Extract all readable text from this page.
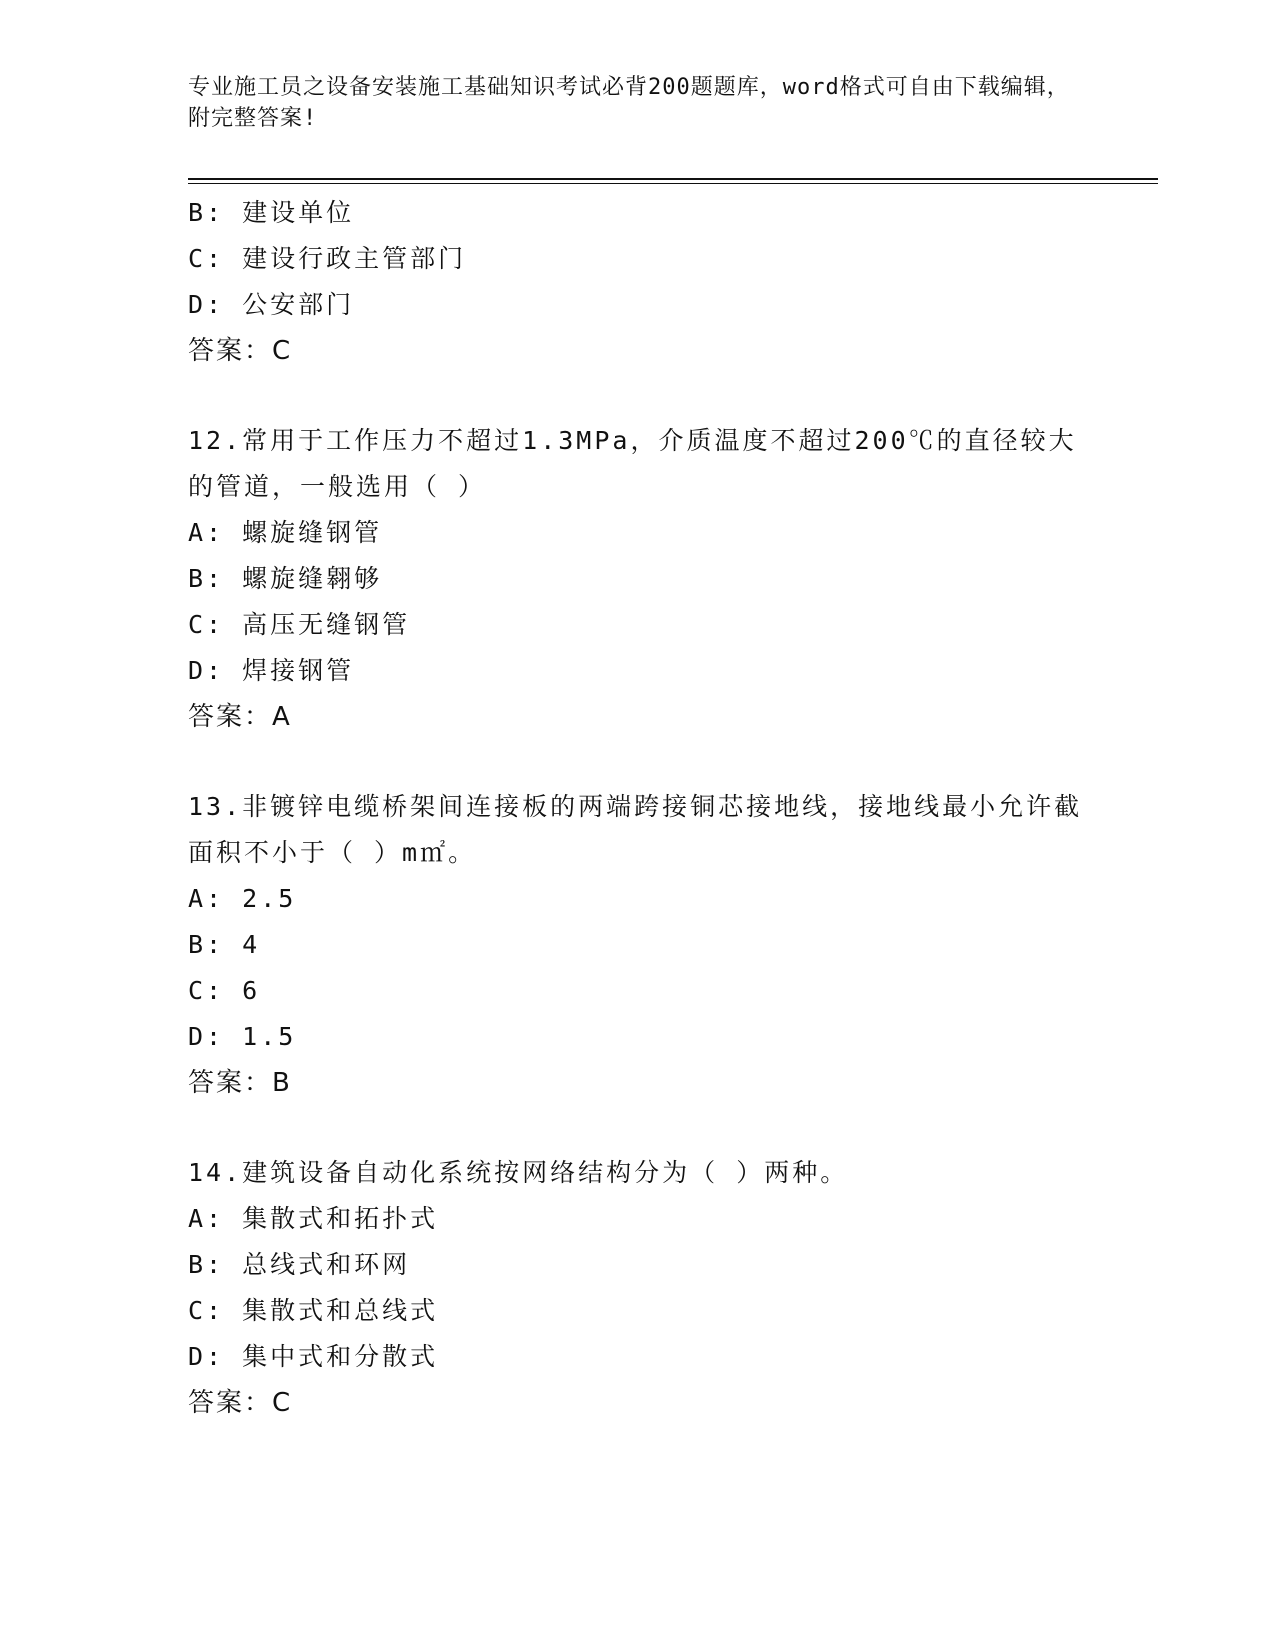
专业施工员之设备安装施工基础知识考试必背200题题库，word格式可自由下载编辑，附完整答案!
B: 建设单位
C: 建设行政主管部门
D: 公安部门
答案：C
12.常用于工作压力不超过1.3MPa，介质温度不超过200℃的直径较大的管道，一般选用（ ）
A: 螺旋缝钢管
B: 螺旋缝翱够
C: 高压无缝钢管
D: 焊接钢管
答案：A
13.非镀锌电缆桥架间连接板的两端跨接铜芯接地线，接地线最小允许截面积不小于（ ）m㎡。
A: 2.5
B: 4
C: 6
D: 1.5
答案：B
14.建筑设备自动化系统按网络结构分为（ ）两种。
A: 集散式和拓扑式
B: 总线式和环网
C: 集散式和总线式
D: 集中式和分散式
答案：C
